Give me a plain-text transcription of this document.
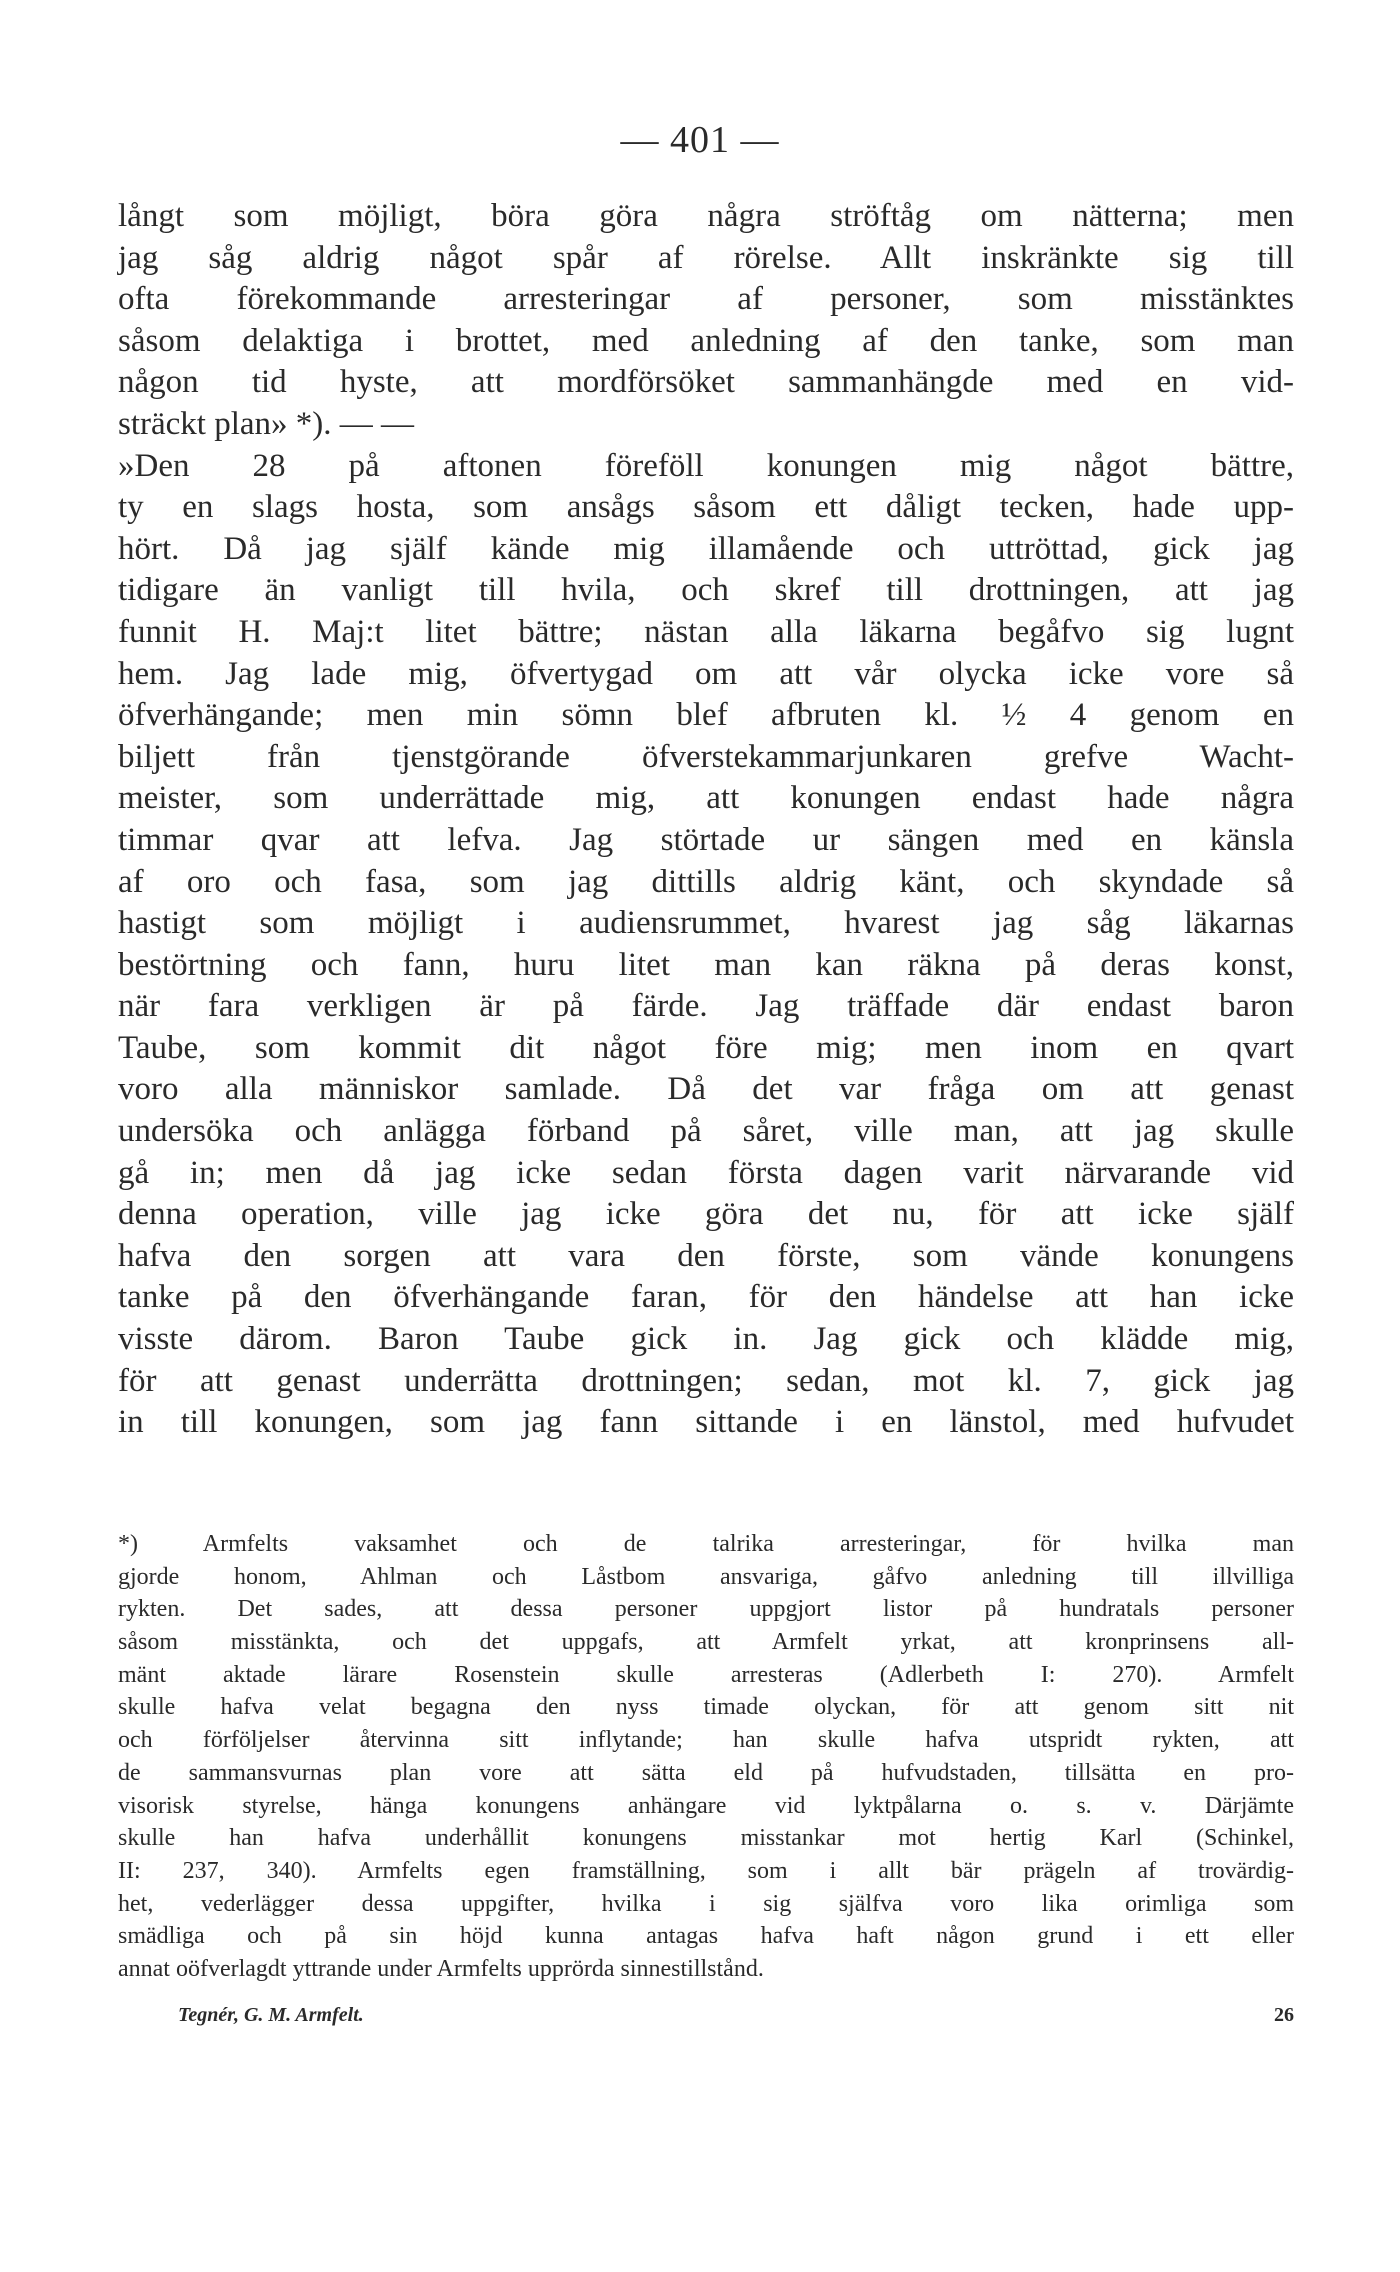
— 401 —
långt som möjligt, böra göra några ströftåg om nätterna; men
jag såg aldrig något spår af rörelse. Allt inskränkte sig till
ofta förekommande arresteringar af personer, som misstänktes
såsom delaktiga i brottet, med anledning af den tanke, som man
någon tid hyste, att mordförsöket sammanhängde med en vid-
sträckt plan» *). — —
»Den 28 på aftonen föreföll konungen mig något bättre,
ty en slags hosta, som ansågs såsom ett dåligt tecken, hade upp-
hört. Då jag själf kände mig illamående och uttröttad, gick jag
tidigare än vanligt till hvila, och skref till drottningen, att jag
funnit H. Maj:t litet bättre; nästan alla läkarna begåfvo sig lugnt
hem. Jag lade mig, öfvertygad om att vår olycka icke vore så
öfverhängande; men min sömn blef afbruten kl. ½ 4 genom en
biljett från tjenstgörande öfverstekammarjunkaren grefve Wacht-
meister, som underrättade mig, att konungen endast hade några
timmar qvar att lefva. Jag störtade ur sängen med en känsla
af oro och fasa, som jag dittills aldrig känt, och skyndade så
hastigt som möjligt i audiensrummet, hvarest jag såg läkarnas
bestörtning och fann, huru litet man kan räkna på deras konst,
när fara verkligen är på färde. Jag träffade där endast baron
Taube, som kommit dit något före mig; men inom en qvart
voro alla människor samlade. Då det var fråga om att genast
undersöka och anlägga förband på såret, ville man, att jag skulle
gå in; men då jag icke sedan första dagen varit närvarande vid
denna operation, ville jag icke göra det nu, för att icke själf
hafva den sorgen att vara den förste, som vände konungens
tanke på den öfverhängande faran, för den händelse att han icke
visste därom. Baron Taube gick in. Jag gick och klädde mig,
för att genast underrätta drottningen; sedan, mot kl. 7, gick jag
in till konungen, som jag fann sittande i en länstol, med hufvudet
*) Armfelts vaksamhet och de talrika arresteringar, för hvilka man
gjorde honom, Ahlman och Låstbom ansvariga, gåfvo anledning till illvilliga
rykten. Det sades, att dessa personer uppgjort listor på hundratals personer
såsom misstänkta, och det uppgafs, att Armfelt yrkat, att kronprinsens all-
mänt aktade lärare Rosenstein skulle arresteras (Adlerbeth I: 270). Armfelt
skulle hafva velat begagna den nyss timade olyckan, för att genom sitt nit
och förföljelser återvinna sitt inflytande; han skulle hafva utspridt rykten, att
de sammansvurnas plan vore att sätta eld på hufvudstaden, tillsätta en pro-
visorisk styrelse, hänga konungens anhängare vid lyktpålarna o. s. v. Därjämte
skulle han hafva underhållit konungens misstankar mot hertig Karl (Schinkel,
II: 237, 340). Armfelts egen framställning, som i allt bär prägeln af trovärdig-
het, vederlägger dessa uppgifter, hvilka i sig själfva voro lika orimliga som
smädliga och på sin höjd kunna antagas hafva haft någon grund i ett eller
annat oöfverlagdt yttrande under Armfelts upprörda sinnestillstånd.
Tegnér, G. M. Armfelt.	26
